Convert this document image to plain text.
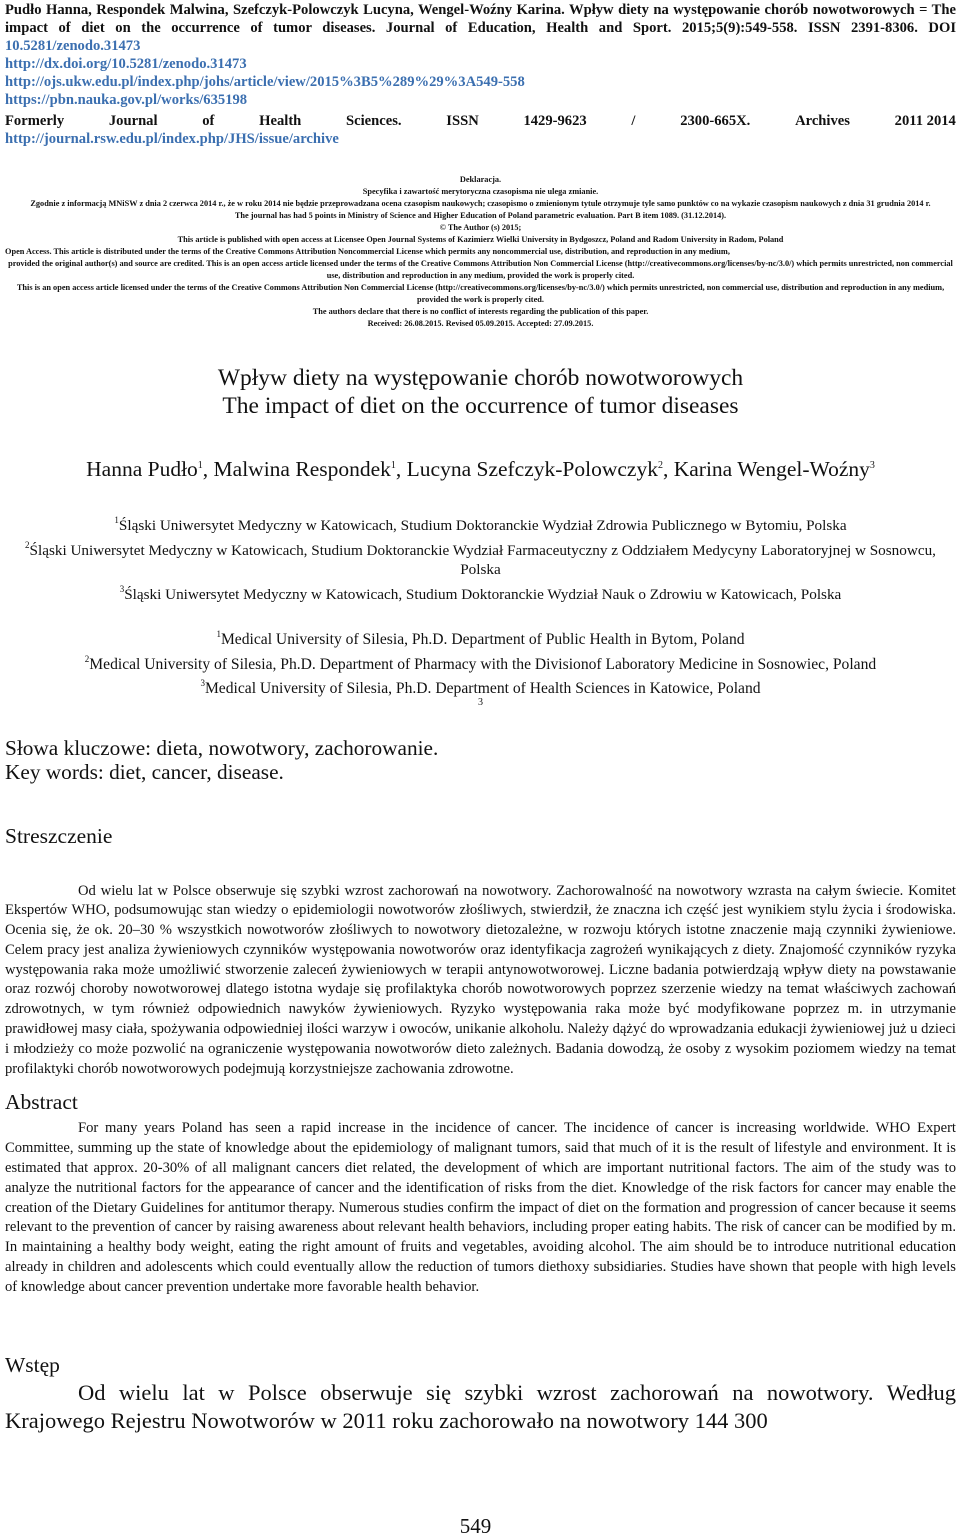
Pudło Hanna, Respondek Malwina, Szefczyk-Polowczyk Lucyna, Wengel-Woźny Karina. Wpływ diety na występowanie chorób nowotworowych = The impact of diet on the occurrence of tumor diseases. Journal of Education, Health and Sport. 2015;5(9):549-558. ISSN 2391-8306. DOI 10.5281/zenodo.31473
http://dx.doi.org/10.5281/zenodo.31473
http://ojs.ukw.edu.pl/index.php/johs/article/view/2015%3B5%289%29%3A549-558
https://pbn.nauka.gov.pl/works/635198
Formerly	Journal	of	Health	Sciences.	ISSN	1429-9623	/	2300-665X.	Archives	2011 2014
http://journal.rsw.edu.pl/index.php/JHS/issue/archive

Deklaracja.

Specyfika i zawartość merytoryczna czasopisma nie ulega zmianie.

Zgodnie z informacją MNiSW z dnia 2 czerwca 2014 r., że w roku 2014 nie będzie przeprowadzana ocena czasopism naukowych; czasopismo o zmienionym tytule otrzymuje tyle samo punktów co na wykazie czasopism naukowych z dnia 31 grudnia 2014 r.

The journal has had 5 points in Ministry of Science and Higher Education of Poland parametric evaluation. Part B item 1089. (31.12.2014).

© The Author (s) 2015;

This article is published with open access at Licensee Open Journal Systems of Kazimierz Wielki University in Bydgoszcz, Poland and Radom University in Radom, Poland

Open Access. This article is distributed under the terms of the Creative Commons Attribution Noncommercial License which permits any noncommercial use, distribution, and reproduction in any medium,

provided the original author(s) and source are credited. This is an open access article licensed under the terms of the Creative Commons Attribution Non Commercial License (http://creativecommons.org/licenses/by-nc/3.0/) which permits unrestricted, non commercial use, distribution and reproduction in any medium, provided the work is properly cited.

This is an open access article licensed under the terms of the Creative Commons Attribution Non Commercial License (http://creativecommons.org/licenses/by-nc/3.0/) which permits unrestricted, non commercial use, distribution and reproduction in any medium, provided the work is properly cited.

The authors declare that there is no conflict of interests regarding the publication of this paper.

Received: 26.08.2015. Revised 05.09.2015. Accepted: 27.09.2015.

Wpływ diety na występowanie chorób nowotworowych
The impact of diet on the occurrence of tumor diseases
Hanna Pudło$^1$, Malwina Respondek$^1$, Lucyna Szefczyk-Polowczyk$^2$, Karina Wengel-Woźny$^3$
$^1$Śląski Uniwersytet Medyczny w Katowicach, Studium Doktoranckie Wydział Zdrowia Publicznego w Bytomiu, Polska
$^2$Śląski Uniwersytet Medyczny w Katowicach, Studium Doktoranckie Wydział Farmaceutyczny z Oddziałem Medycyny Laboratoryjnej w Sosnowcu, Polska
$^3$Śląski Uniwersytet Medyczny w Katowicach, Studium Doktoranckie Wydział Nauk o Zdrowiu w Katowicach, Polska
$^1$Medical University of Silesia, Ph.D. Department of Public Health in Bytom, Poland
$^2$Medical University of Silesia, Ph.D. Department of Pharmacy with the Divisionof Laboratory Medicine in Sosnowiec, Poland
$^3$Medical University of Silesia, Ph.D. Department of Health Sciences in Katowice, Poland
3

Słowa kluczowe: dieta, nowotwory, zachorowanie.

Key words: diet, cancer, disease.

Streszczenie
Od wielu lat w Polsce obserwuje się szybki wzrost zachorowań na nowotwory. Zachorowalność na nowotwory wzrasta na całym świecie. Komitet Ekspertów WHO, podsumowując stan wiedzy o epidemiologii nowotworów złośliwych, stwierdził, że znaczna ich część jest wynikiem stylu życia i środowiska. Ocenia się, że ok. 20–30 % wszystkich nowotworów złośliwych to nowotwory dietozależne, w rozwoju których istotne znaczenie mają czynniki żywieniowe. Celem pracy jest analiza żywieniowych czynników występowania nowotworów oraz identyfikacja zagrożeń wynikających z diety. Znajomość czynników ryzyka występowania raka może umożliwić stworzenie zaleceń żywieniowych w terapii antynowotworowej. Liczne badania potwierdzają wpływ diety na powstawanie oraz rozwój choroby nowotworowej dlatego istotna wydaje się profilaktyka chorób nowotworowych poprzez szerzenie wiedzy na temat właściwych zachowań zdrowotnych, w tym również odpowiednich nawyków żywieniowych. Ryzyko występowania raka może być modyfikowane poprzez m. in utrzymanie prawidłowej masy ciała, spożywania odpowiedniej ilości warzyw i owoców, unikanie alkoholu. Należy dążyć do wprowadzania edukacji żywieniowej już u dzieci i młodzieży co może pozwolić na ograniczenie występowania nowotworów dieto zależnych. Badania dowodzą, że osoby z wysokim poziomem wiedzy na temat profilaktyki chorób nowotworowych podejmują korzystniejsze zachowania zdrowotne.
Abstract
For many years Poland has seen a rapid increase in the incidence of cancer. The incidence of cancer is increasing worldwide. WHO Expert Committee, summing up the state of knowledge about the epidemiology of malignant tumors, said that much of it is the result of lifestyle and environment. It is estimated that approx. 20-30% of all malignant cancers diet related, the development of which are important nutritional factors. The aim of the study was to analyze the nutritional factors for the appearance of cancer and the identification of risks from the diet. Knowledge of the risk factors for cancer may enable the creation of the Dietary Guidelines for antitumor therapy. Numerous studies confirm the impact of diet on the formation and progression of cancer because it seems relevant to the prevention of cancer by raising awareness about relevant health behaviors, including proper eating habits. The risk of cancer can be modified by m. In maintaining a healthy body weight, eating the right amount of fruits and vegetables, avoiding alcohol. The aim should be to introduce nutritional education already in children and adolescents which could eventually allow the reduction of tumors diethoxy subsidiaries. Studies have shown that people with high levels of knowledge about cancer prevention undertake more favorable health behavior.
Wstęp
Od wielu lat w Polsce obserwuje się szybki wzrost zachorowań na nowotwory. Według Krajowego Rejestru Nowotworów w 2011 roku zachorowało na nowotwory 144 300
549
